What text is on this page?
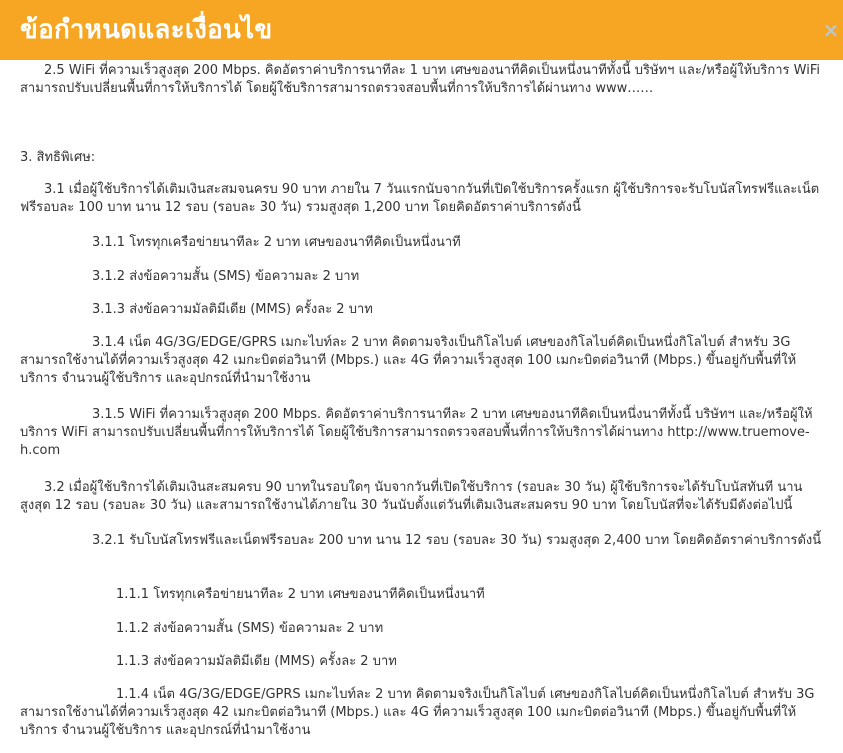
ข้อกำหนดและเงื่อนไข	×

2.5 WiFi ที่ความเร็วสูงสุด 200 Mbps. คิดอัตราค่าบริการนาทีละ 1 บาท เศษของนาทีคิดเป็นหนึ่งนาทีทั้งนี้ บริษัทฯ และ/หรือผู้ให้บริการ WiFi สามารถปรับเปลี่ยนพื้นที่การให้บริการได้ โดยผู้ใช้บริการสามารถตรวจสอบพื้นที่การให้บริการได้ผ่านทาง www……

3. สิทธิพิเศษ:

3.1 เมื่อผู้ใช้บริการได้เติมเงินสะสมจนครบ 90 บาท ภายใน 7 วันแรกนับจากวันที่เปิดใช้บริการครั้งแรก ผู้ใช้บริการจะรับโบนัสโทรฟรีและเน็ตฟรีรอบละ 100 บาท นาน 12 รอบ (รอบละ 30 วัน) รวมสูงสุด 1,200 บาท โดยคิดอัตราค่าบริการดังนี้

3.1.1 โทรทุกเครือข่ายนาทีละ 2 บาท เศษของนาทีคิดเป็นหนึ่งนาที

3.1.2 ส่งข้อความสั้น (SMS) ข้อความละ 2 บาท

3.1.3 ส่งข้อความมัลติมีเดีย (MMS) ครั้งละ 2 บาท

3.1.4 เน็ต 4G/3G/EDGE/GPRS เมกะไบท์ละ 2 บาท คิดตามจริงเป็นกิโลไบต์ เศษของกิโลไบต์คิดเป็นหนึ่งกิโลไบต์ สำหรับ 3G สามารถใช้งานได้ที่ความเร็วสูงสุด 42 เมกะบิตต่อวินาที (Mbps.) และ 4G ที่ความเร็วสูงสุด 100 เมกะบิตต่อวินาที (Mbps.) ขึ้นอยู่กับพื้นที่ให้บริการ จำนวนผู้ใช้บริการ และอุปกรณ์ที่นำมาใช้งาน

3.1.5 WiFi ที่ความเร็วสูงสุด 200 Mbps. คิดอัตราค่าบริการนาทีละ 2 บาท เศษของนาทีคิดเป็นหนึ่งนาทีทั้งนี้ บริษัทฯ และ/หรือผู้ให้บริการ WiFi สามารถปรับเปลี่ยนพื้นที่การให้บริการได้ โดยผู้ใช้บริการสามารถตรวจสอบพื้นที่การให้บริการได้ผ่านทาง http://www.truemove-h.com

3.2 เมื่อผู้ใช้บริการได้เติมเงินสะสมครบ 90 บาทในรอบใดๆ นับจากวันที่เปิดใช้บริการ (รอบละ 30 วัน) ผู้ใช้บริการจะได้รับโบนัสทันที นานสูงสุด 12 รอบ (รอบละ 30 วัน) และสามารถใช้งานได้ภายใน 30 วันนับตั้งแต่วันที่เติมเงินสะสมครบ 90 บาท โดยโบนัสที่จะได้รับมีดังต่อไปนี้

3.2.1 รับโบนัสโทรฟรีและเน็ตฟรีรอบละ 200 บาท นาน 12 รอบ (รอบละ 30 วัน) รวมสูงสุด 2,400 บาท โดยคิดอัตราค่าบริการดังนี้

1.1.1 โทรทุกเครือข่ายนาทีละ 2 บาท เศษของนาทีคิดเป็นหนึ่งนาที

1.1.2 ส่งข้อความสั้น (SMS) ข้อความละ 2 บาท

1.1.3 ส่งข้อความมัลติมีเดีย (MMS) ครั้งละ 2 บาท

1.1.4 เน็ต 4G/3G/EDGE/GPRS เมกะไบท์ละ 2 บาท คิดตามจริงเป็นกิโลไบต์ เศษของกิโลไบต์คิดเป็นหนึ่งกิโลไบต์ สำหรับ 3G สามารถใช้งานได้ที่ความเร็วสูงสุด 42 เมกะบิตต่อวินาที (Mbps.) และ 4G ที่ความเร็วสูงสุด 100 เมกะบิตต่อวินาที (Mbps.) ขึ้นอยู่กับพื้นที่ให้บริการ จำนวนผู้ใช้บริการ และอุปกรณ์ที่นำมาใช้งาน
